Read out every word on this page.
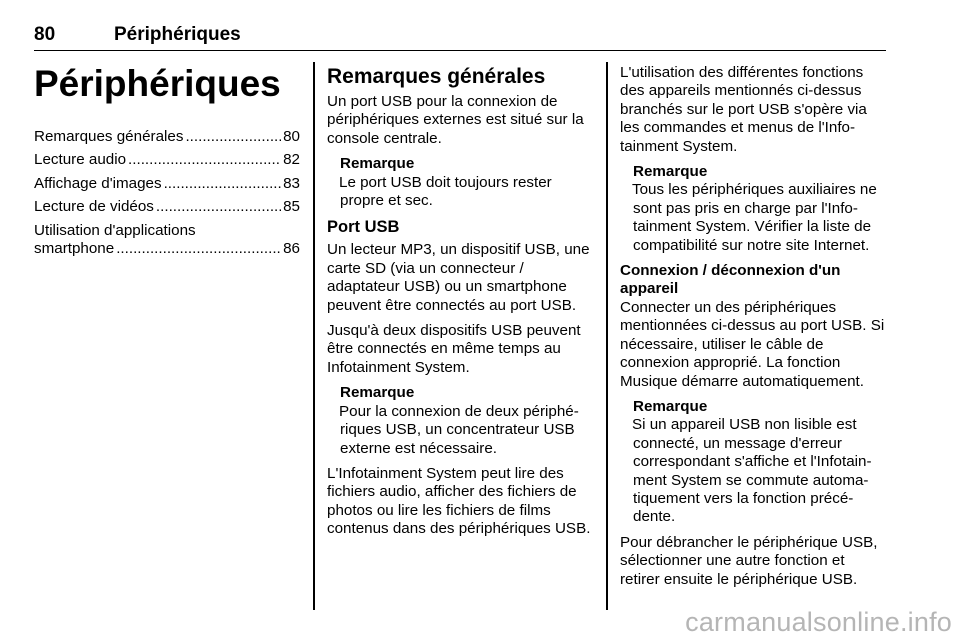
80	Périphériques
Périphériques
Remarques générales .....	80
Lecture audio .....	82
Affichage d'images .....	83
Lecture de vidéos .....	85
Utilisation d'applications
smartphone .....	86
Remarques générales

Un port USB pour la connexion de périphériques externes est situé sur la console centrale.

Remarque
Le port USB doit toujours rester propre et sec.
Port USB

Un lecteur MP3, un dispositif USB, une carte SD (via un connecteur / adaptateur USB) ou un smartphone peuvent être connectés au port USB.

Jusqu'à deux dispositifs USB peuvent être connectés en même temps au Infotainment System.

Remarque
Pour la connexion de deux périphé‐riques USB, un concentrateur USB externe est nécessaire.

L'Infotainment System peut lire des fichiers audio, afficher des fichiers de photos ou lire les fichiers de films contenus dans des périphériques USB.

L'utilisation des différentes fonctions des appareils mentionnés ci-dessus branchés sur le port USB s'opère via les commandes et menus de l'Info‐tainment System.

Remarque
Tous les périphériques auxiliaires ne sont pas pris en charge par l'Info‐tainment System. Vérifier la liste de compatibilité sur notre site Internet.
Connexion / déconnexion d'un appareil

Connecter un des périphériques mentionnées ci-dessus au port USB. Si nécessaire, utiliser le câble de connexion approprié. La fonction Musique démarre automatiquement.

Remarque
Si un appareil USB non lisible est connecté, un message d'erreur correspondant s'affiche et l'Infotain‐ment System se commute automa‐tiquement vers la fonction précé‐dente.

Pour débrancher le périphérique USB, sélectionner une autre fonction et retirer ensuite le périphérique USB.

carmanualsonline.info
